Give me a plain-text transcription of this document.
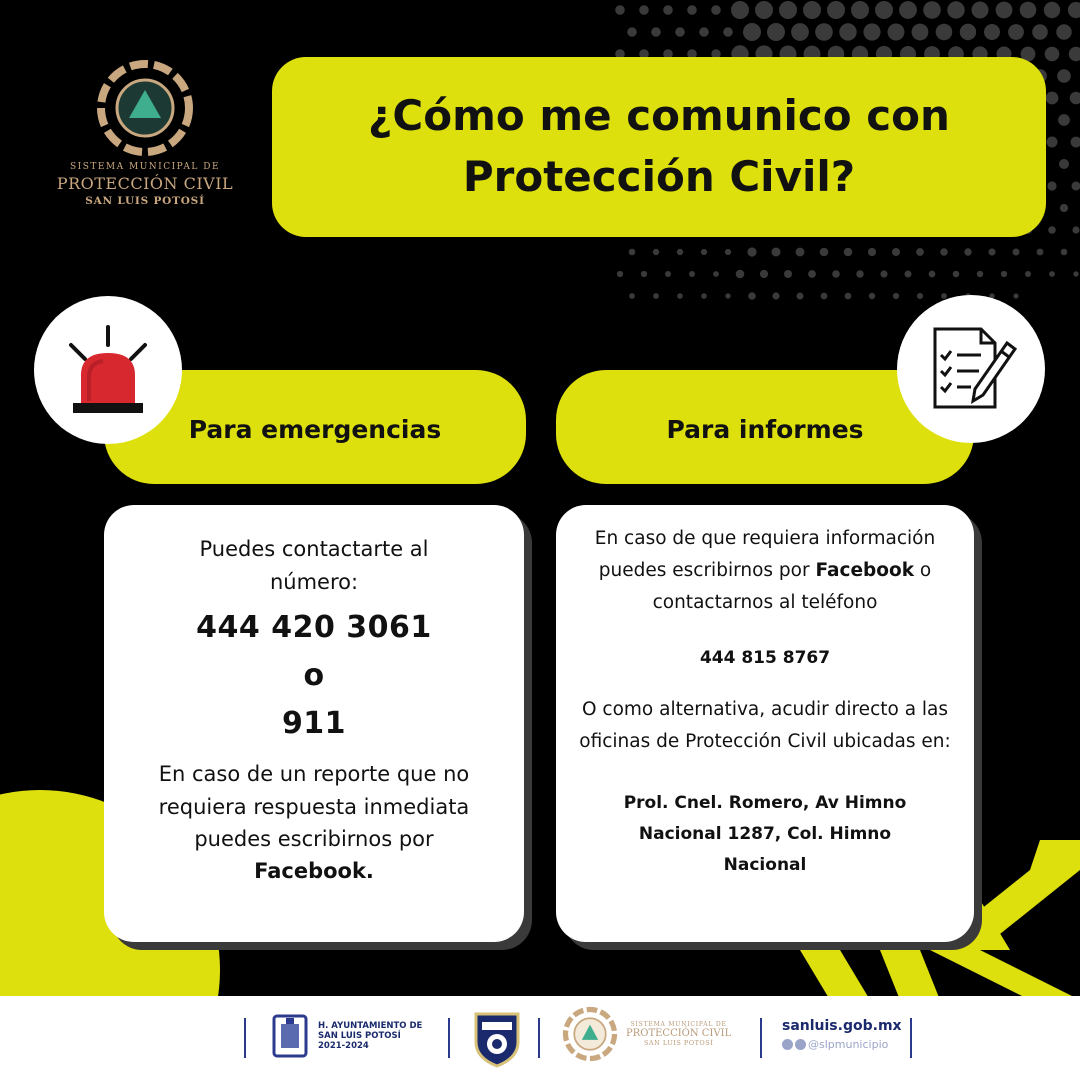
SISTEMA MUNICIPAL DE
PROTECCIÓN CIVIL
SAN LUIS POTOSÍ
¿Cómo me comunico con Protección Civil?
Para emergencias	Para informes
Puedes contactarte al número:
444 420 3061
o
911
En caso de un reporte que no requiera respuesta inmediata puedes escribirnos por
Facebook.
En caso de que requiera información puedes escribirnos por Facebook o contactarnos al teléfono
444 815 8767
O como alternativa, acudir directo a las oficinas de Protección Civil ubicadas en:
Prol. Cnel. Romero, Av Himno Nacional 1287, Col. Himno Nacional
H. AYUNTAMIENTO DE
SAN LUIS POTOSÍ
2021-2024
SISTEMA MUNICIPAL DE
PROTECCIÓN CIVIL
SAN LUIS POTOSÍ
sanluis.gob.mx
@slpmunicipio
